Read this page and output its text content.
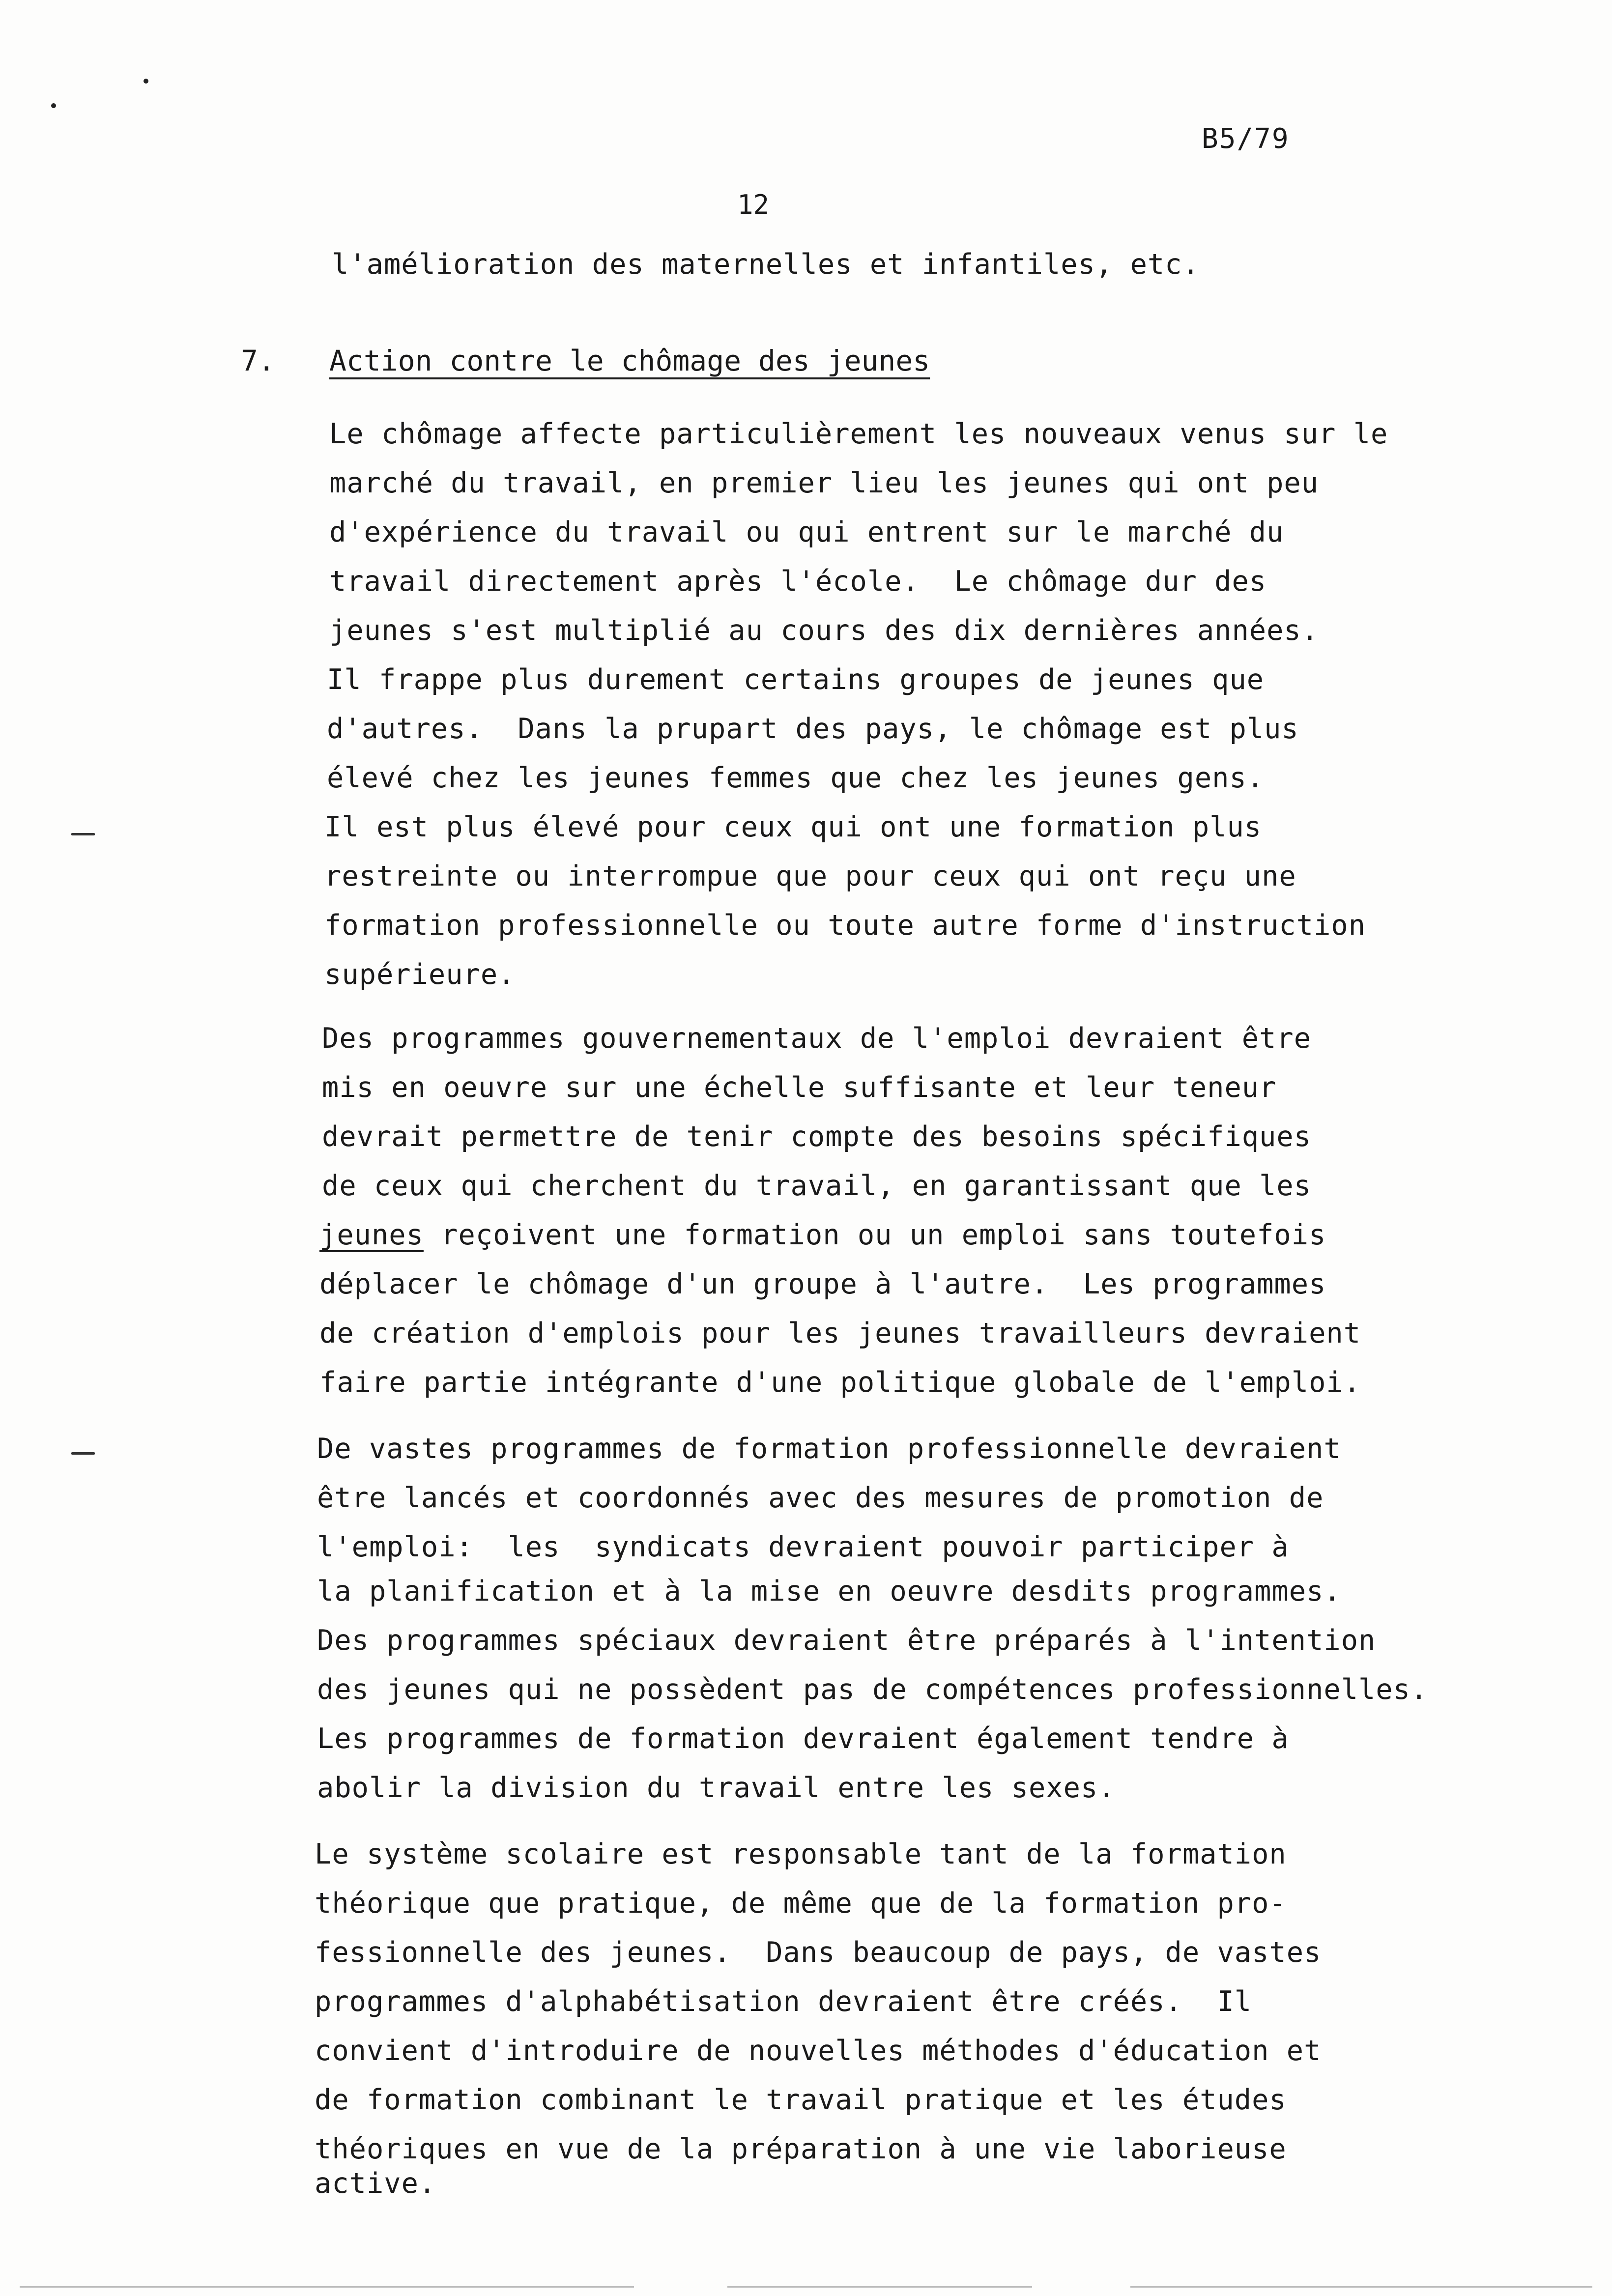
B5/79
12
l'amélioration des maternelles et infantiles, etc.
7. Action contre le chômage des jeunes
Le chômage affecte particulièrement les nouveaux venus sur le
marché du travail, en premier lieu les jeunes qui ont peu
d'expérience du travail ou qui entrent sur le marché du
travail directement après l'école.  Le chômage dur des
jeunes s'est multiplié au cours des dix dernières années.
Il frappe plus durement certains groupes de jeunes que
d'autres.  Dans la prupart des pays, le chômage est plus
élevé chez les jeunes femmes que chez les jeunes gens.
Il est plus élevé pour ceux qui ont une formation plus
restreinte ou interrompue que pour ceux qui ont reçu une
formation professionnelle ou toute autre forme d'instruction
supérieure.
Des programmes gouvernementaux de l'emploi devraient être
mis en oeuvre sur une échelle suffisante et leur teneur
devrait permettre de tenir compte des besoins spécifiques
de ceux qui cherchent du travail, en garantissant que les
jeunes reçoivent une formation ou un emploi sans toutefois
déplacer le chômage d'un groupe à l'autre.  Les programmes
de création d'emplois pour les jeunes travailleurs devraient
faire partie intégrante d'une politique globale de l'emploi.
De vastes programmes de formation professionnelle devraient
être lancés et coordonnés avec des mesures de promotion de
l'emploi:  les  syndicats devraient pouvoir participer à
la planification et à la mise en oeuvre desdits programmes.
Des programmes spéciaux devraient être préparés à l'intention
des jeunes qui ne possèdent pas de compétences professionnelles.
Les programmes de formation devraient également tendre à
abolir la division du travail entre les sexes.
Le système scolaire est responsable tant de la formation
théorique que pratique, de même que de la formation pro-
fessionnelle des jeunes.  Dans beaucoup de pays, de vastes
programmes d'alphabétisation devraient être créés.  Il
convient d'introduire de nouvelles méthodes d'éducation et
de formation combinant le travail pratique et les études
théoriques en vue de la préparation à une vie laborieuse
active.
